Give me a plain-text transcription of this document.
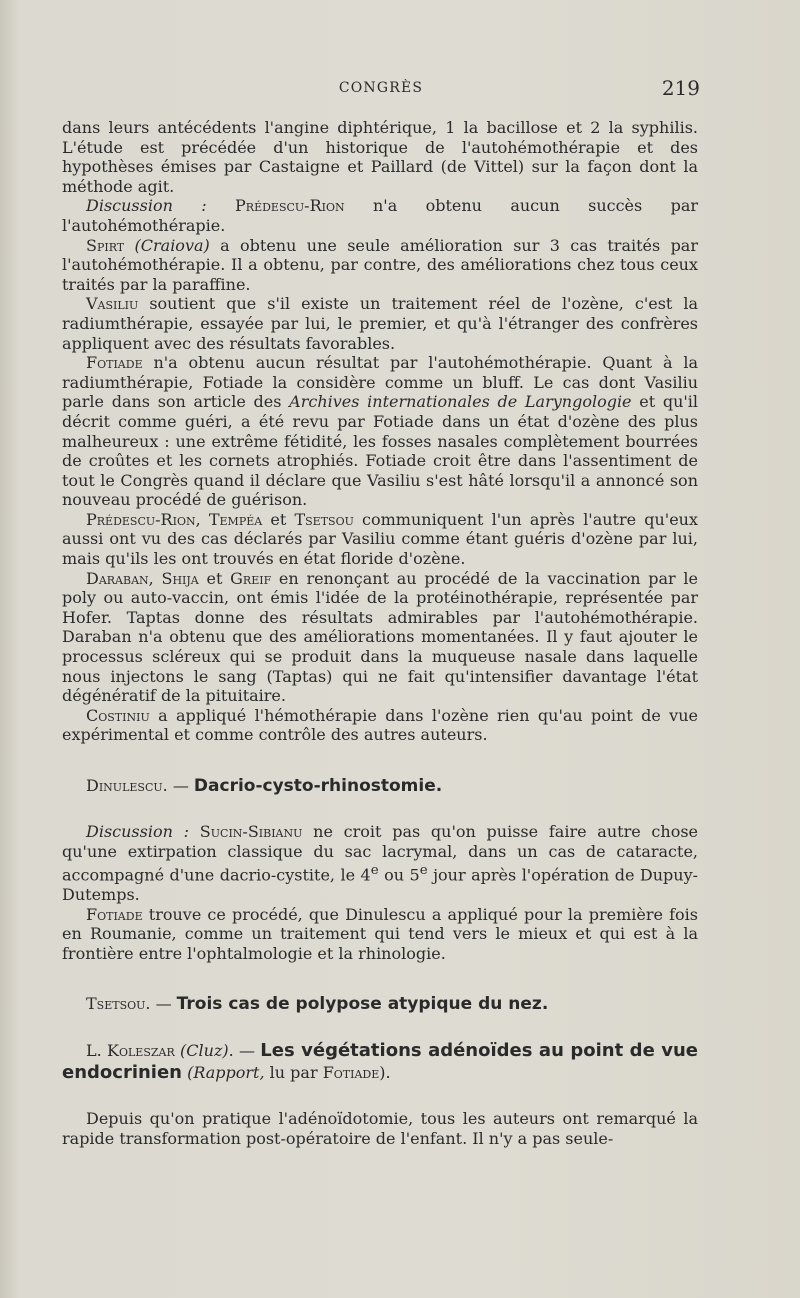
CONGRÈS	219

dans leurs antécédents l'angine diphtérique, 1 la bacillose et 2 la syphilis. L'étude est précédée d'un historique de l'autohémothérapie et des hypothèses émises par Castaigne et Paillard (de Vittel) sur la façon dont la méthode agit.

Discussion : Prédescu-Rion n'a obtenu aucun succès par l'autohémothérapie.

Spirt (Craiova) a obtenu une seule amélioration sur 3 cas traités par l'autohémothérapie. Il a obtenu, par contre, des améliorations chez tous ceux traités par la paraffine.

Vasiliu soutient que s'il existe un traitement réel de l'ozène, c'est la radiumthérapie, essayée par lui, le premier, et qu'à l'étranger des confrères appliquent avec des résultats favorables.

Fotiade n'a obtenu aucun résultat par l'autohémothérapie. Quant à la radiumthérapie, Fotiade la considère comme un bluff. Le cas dont Vasiliu parle dans son article des Archives internationales de Laryngologie et qu'il décrit comme guéri, a été revu par Fotiade dans un état d'ozène des plus malheureux : une extrême fétidité, les fosses nasales complètement bourrées de croûtes et les cornets atrophiés. Fotiade croit être dans l'assentiment de tout le Congrès quand il déclare que Vasiliu s'est hâté lorsqu'il a annoncé son nouveau procédé de guérison.

Prédescu-Rion, Tempéa et Tsetsou communiquent l'un après l'autre qu'eux aussi ont vu des cas déclarés par Vasiliu comme étant guéris d'ozène par lui, mais qu'ils les ont trouvés en état floride d'ozène.

Daraban, Shija et Greif en renonçant au procédé de la vaccination par le poly ou auto-vaccin, ont émis l'idée de la protéinothérapie, représentée par Hofer. Taptas donne des résultats admirables par l'autohémothérapie. Daraban n'a obtenu que des améliorations momentanées. Il y faut ajouter le processus scléreux qui se produit dans la muqueuse nasale dans laquelle nous injectons le sang (Taptas) qui ne fait qu'intensifier davantage l'état dégénératif de la pituitaire.

Costiniu a appliqué l'hémothérapie dans l'ozène rien qu'au point de vue expérimental et comme contrôle des autres auteurs.

Dinulescu. — Dacrio-cysto-rhinostomie.

Discussion : Sucin-Sibianu ne croit pas qu'on puisse faire autre chose qu'une extirpation classique du sac lacrymal, dans un cas de cataracte, accompagné d'une dacrio-cystite, le 4e ou 5e jour après l'opération de Dupuy-Dutemps.

Fotiade trouve ce procédé, que Dinulescu a appliqué pour la première fois en Roumanie, comme un traitement qui tend vers le mieux et qui est à la frontière entre l'ophtalmologie et la rhinologie.

Tsetsou. — Trois cas de polypose atypique du nez.

L. Koleszar (Cluz). — Les végétations adénoïdes au point de vue endocrinien (Rapport, lu par Fotiade).

Depuis qu'on pratique l'adénoïdotomie, tous les auteurs ont remarqué la rapide transformation post-opératoire de l'enfant. Il n'y a pas seule-
